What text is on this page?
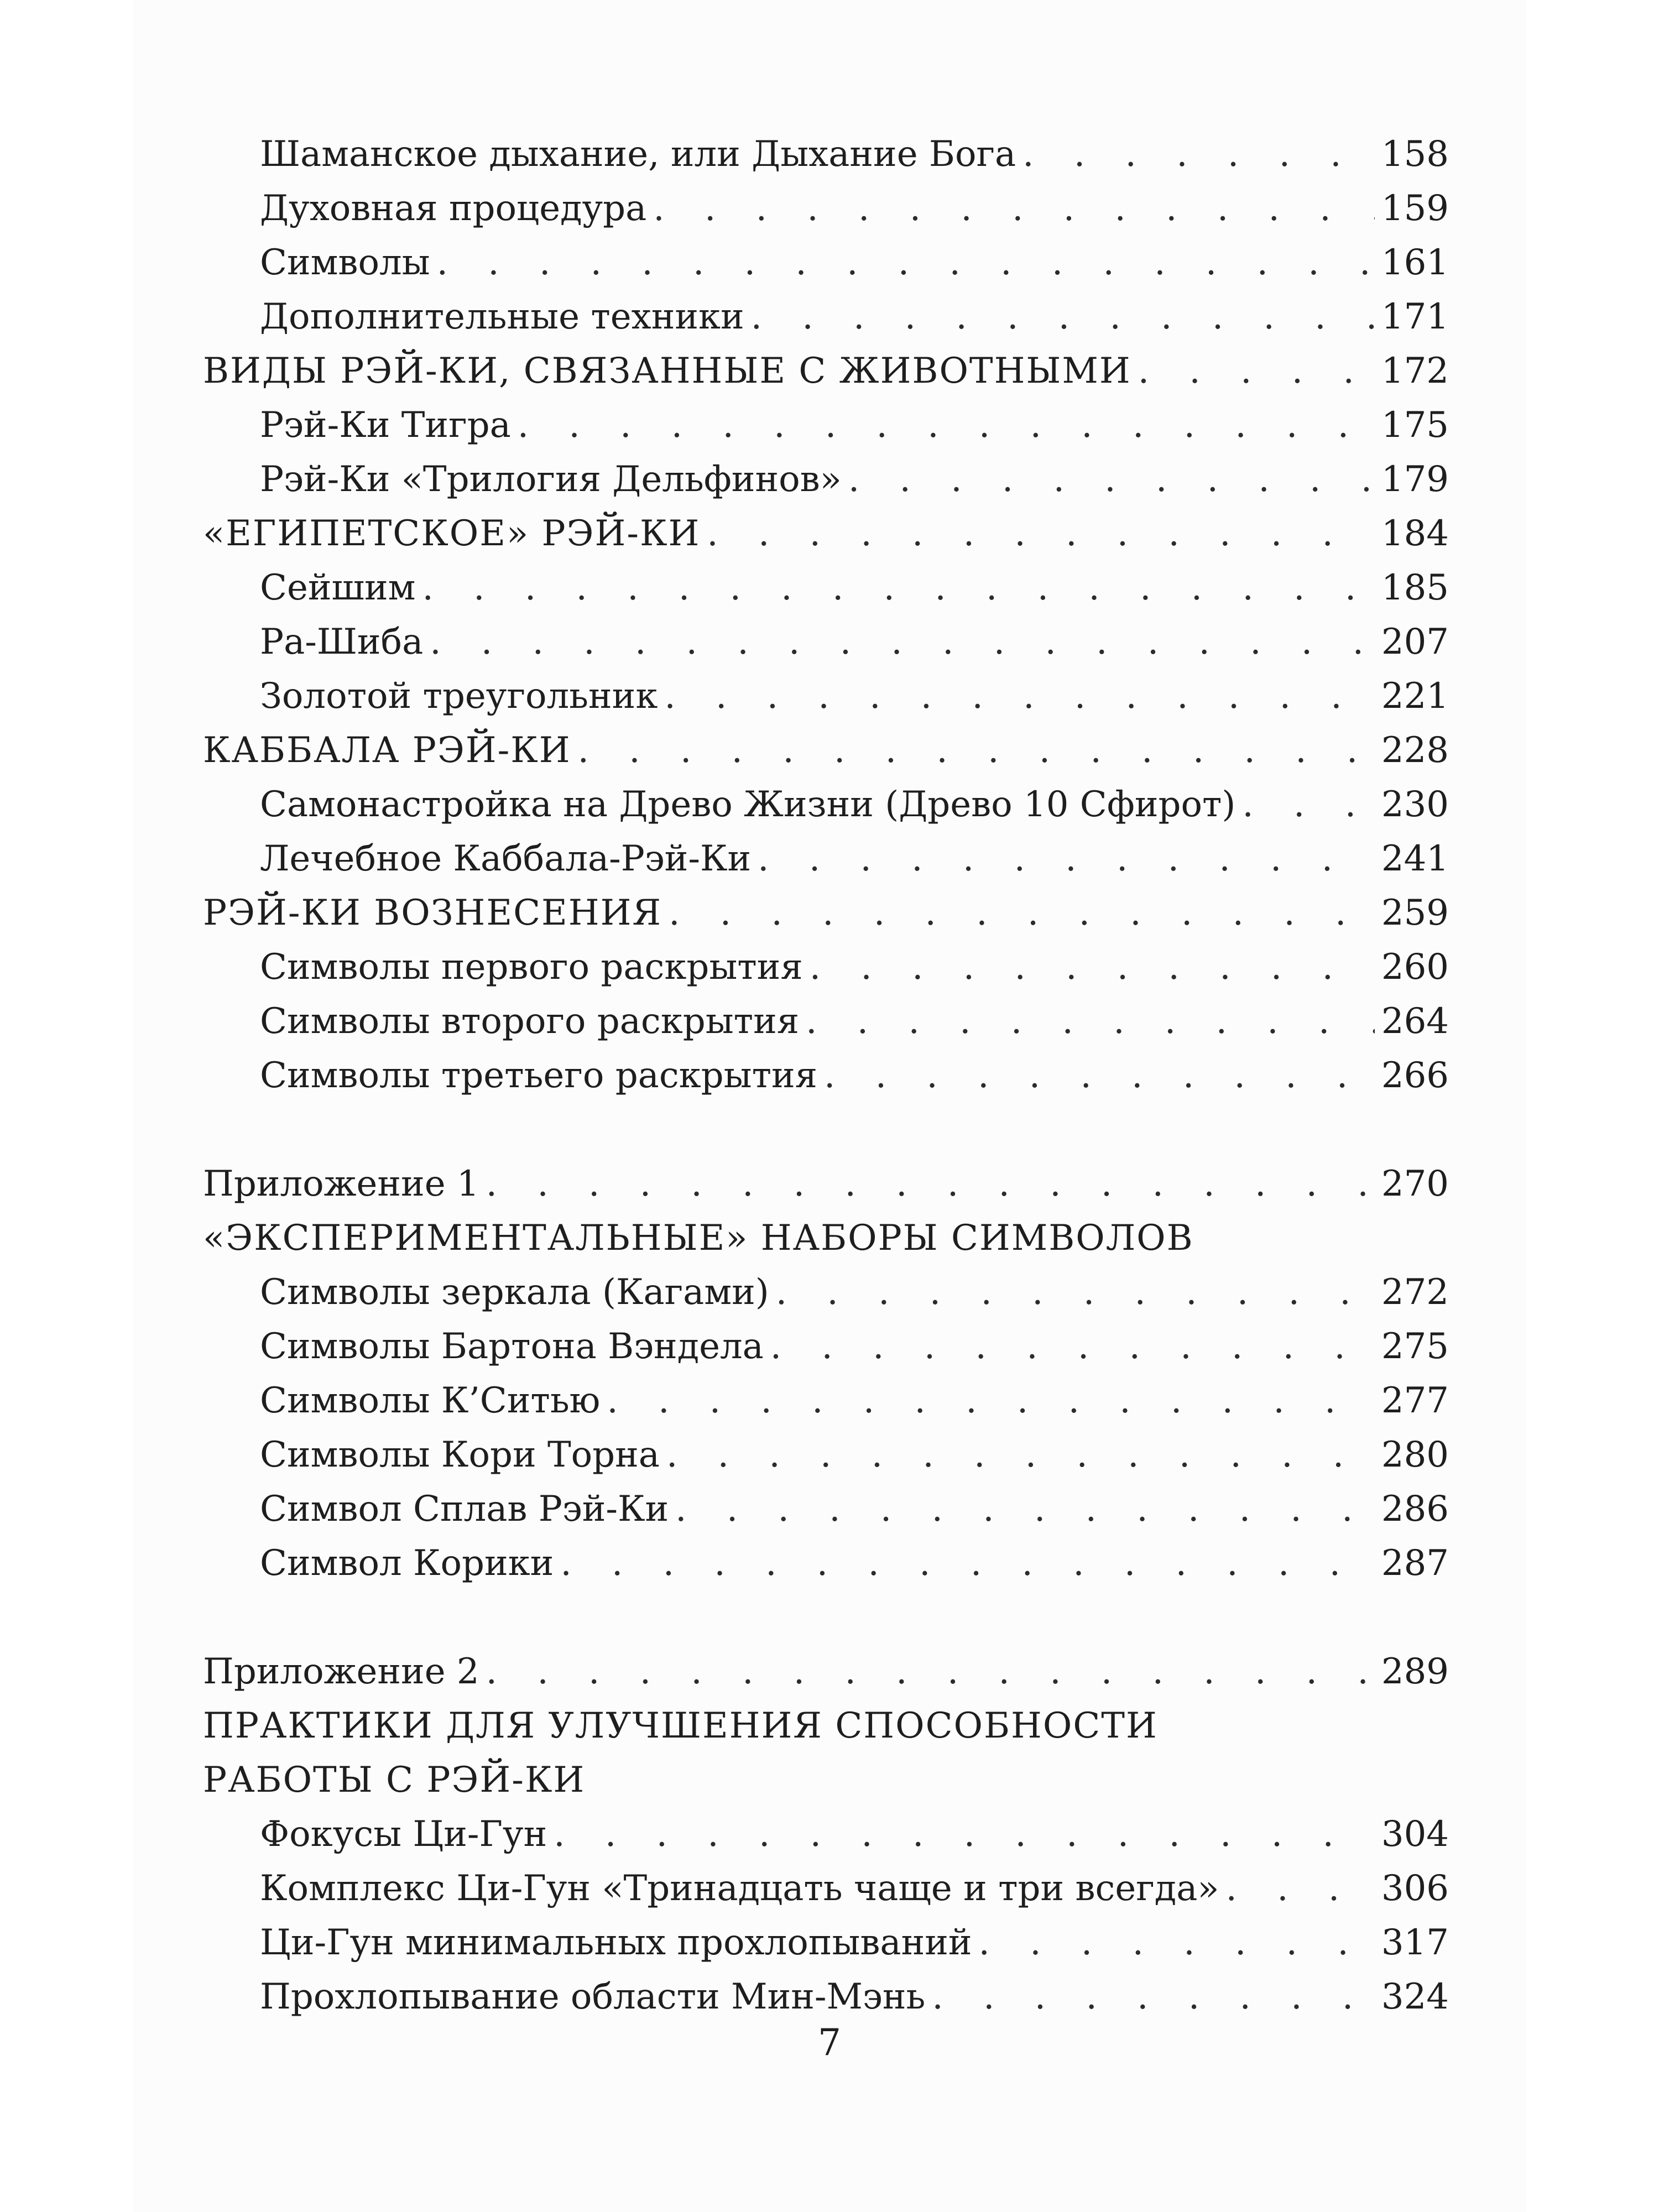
Шаманское дыхание, или Дыхание Бога . . .	158
Духовная процедура . . .	159
Символы . . .	161
Дополнительные техники . . .	171
ВИДЫ РЭЙ-КИ, СВЯЗАННЫЕ С ЖИВОТНЫМИ . . .	172
Рэй-Ки Тигра . . .	175
Рэй-Ки «Трилогия Дельфинов» . . .	179
«ЕГИПЕТСКОЕ» РЭЙ-КИ . . .	184
Сейшим . . .	185
Ра-Шиба . . .	207
Золотой треугольник . . .	221
КАББАЛА РЭЙ-КИ . . .	228
Самонастройка на Древо Жизни (Древо 10 Сфирот) . . .	230
Лечебное Каббала-Рэй-Ки . . .	241
РЭЙ-КИ ВОЗНЕСЕНИЯ . . .	259
Символы первого раскрытия . . .	260
Символы второго раскрытия . . .	264
Символы третьего раскрытия . . .	266
Приложение 1 . . .	270
«ЭКСПЕРИМЕНТАЛЬНЫЕ» НАБОРЫ СИМВОЛОВ
Символы зеркала (Кагами) . . .	272
Символы Бартона Вэндела . . .	275
Символы К’Ситью . . .	277
Символы Кори Торна . . .	280
Символ Сплав Рэй-Ки . . .	286
Символ Корики . . .	287
Приложение 2 . . .	289
ПРАКТИКИ ДЛЯ УЛУЧШЕНИЯ СПОСОБНОСТИ
РАБОТЫ С РЭЙ-КИ
Фокусы Ци-Гун . . .	304
Комплекс Ци-Гун «Тринадцать чаще и три всегда» . . .	306
Ци-Гун минимальных прохлопываний . . .	317
Прохлопывание области Мин-Мэнь . . .	324
7
